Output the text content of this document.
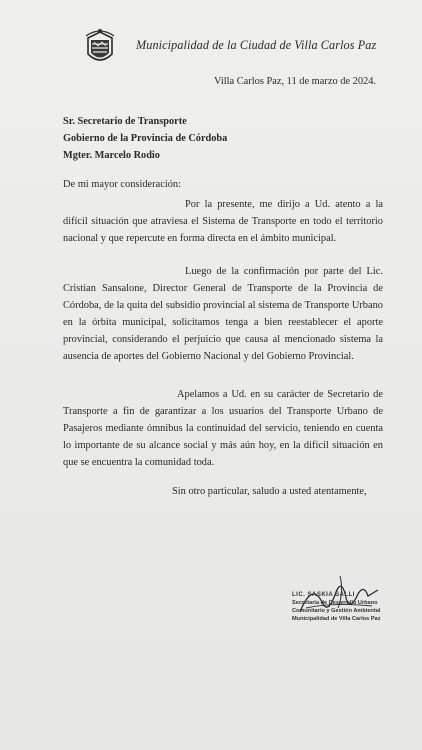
Municipalidad de la Ciudad de Villa Carlos Paz
Villa Carlos Paz, 11 de marzo de 2024.
Sr. Secretario de Transporte
Gobierno de la Provincia de Córdoba
Mgter. Marcelo Rodio
De mi mayor consideración:
Por la presente, me dirijo a Ud. atento a la difícil situación que atraviesa el Sistema de Transporte en todo el territorio nacional y que repercute en forma directa en el ámbito municipal.
Luego de la confirmación por parte del Lic. Cristian Sansalone, Director General de Transporte de la Provincia de Córdoba, de la quita del subsidio provincial al sistema de Transporte Urbano en la órbita municipal, solicitamos tenga a bien reestablecer el aporte provincial, considerando el perjuicio que causa al mencionado sistema la ausencia de aportes del Gobierno Nacional y del Gobierno Provincial.
Apelamos a Ud. en su carácter de Secretario de Transporte a fin de garantizar a los usuarios del Transporte Urbano de Pasajeros mediante ómnibus la continuidad del servicio, teniendo en cuenta lo importante de su alcance social y más aún hoy, en la difícil situación en que se encuentra la comunidad toda.
Sin otro particular, saludo a usted atentamente,
LIC. SASKIA SALLI
Secretaria de Desarrollo Urbano
Comunitario y Gestión Ambiental
Municipalidad de Villa Carlos Paz
